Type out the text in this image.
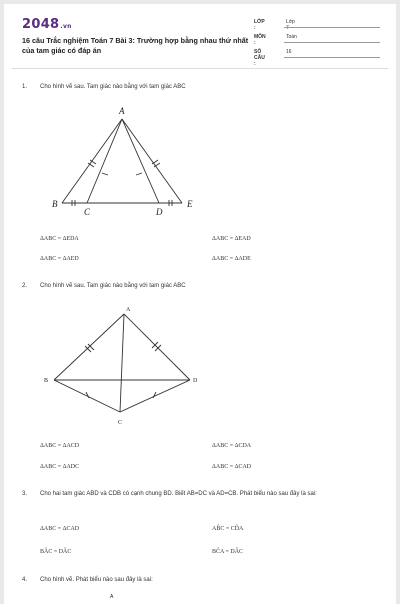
2048.vn
16 câu Trắc nghiệm Toán 7 Bài 3: Trường hợp bằng nhau thứ nhất của tam giác có đáp án
LỚP :
Lớp 7
MÔN :
Toán
SỐ CÂU :
16
1. Cho hình vẽ sau. Tam giác nào bằng với tam giác ABC
A
B
C	D
E
ΔABC = ΔEDA	ΔABC = ΔEAD
ΔABC = ΔAED	ΔABC = ΔADE
2. Cho hình vẽ sau. Tam giác nào bằng với tam giác ABC
A
B
C
D
ΔABC = ΔACD	ΔABC = ΔCDA
ΔABC = ΔADC	ΔABC = ΔCAD
3. Cho hai tam giác ABD và CDB có cạnh chung BD. Biết AB=DC và AD=CB. Phát biểu nào sau đây là sai:
ΔABC = ΔCAD	AB̂C = CD̂A
BÂC = DÂC	BĈA = DÂC
4. Cho hình vẽ. Phát biểu nào sau đây là sai:
A
